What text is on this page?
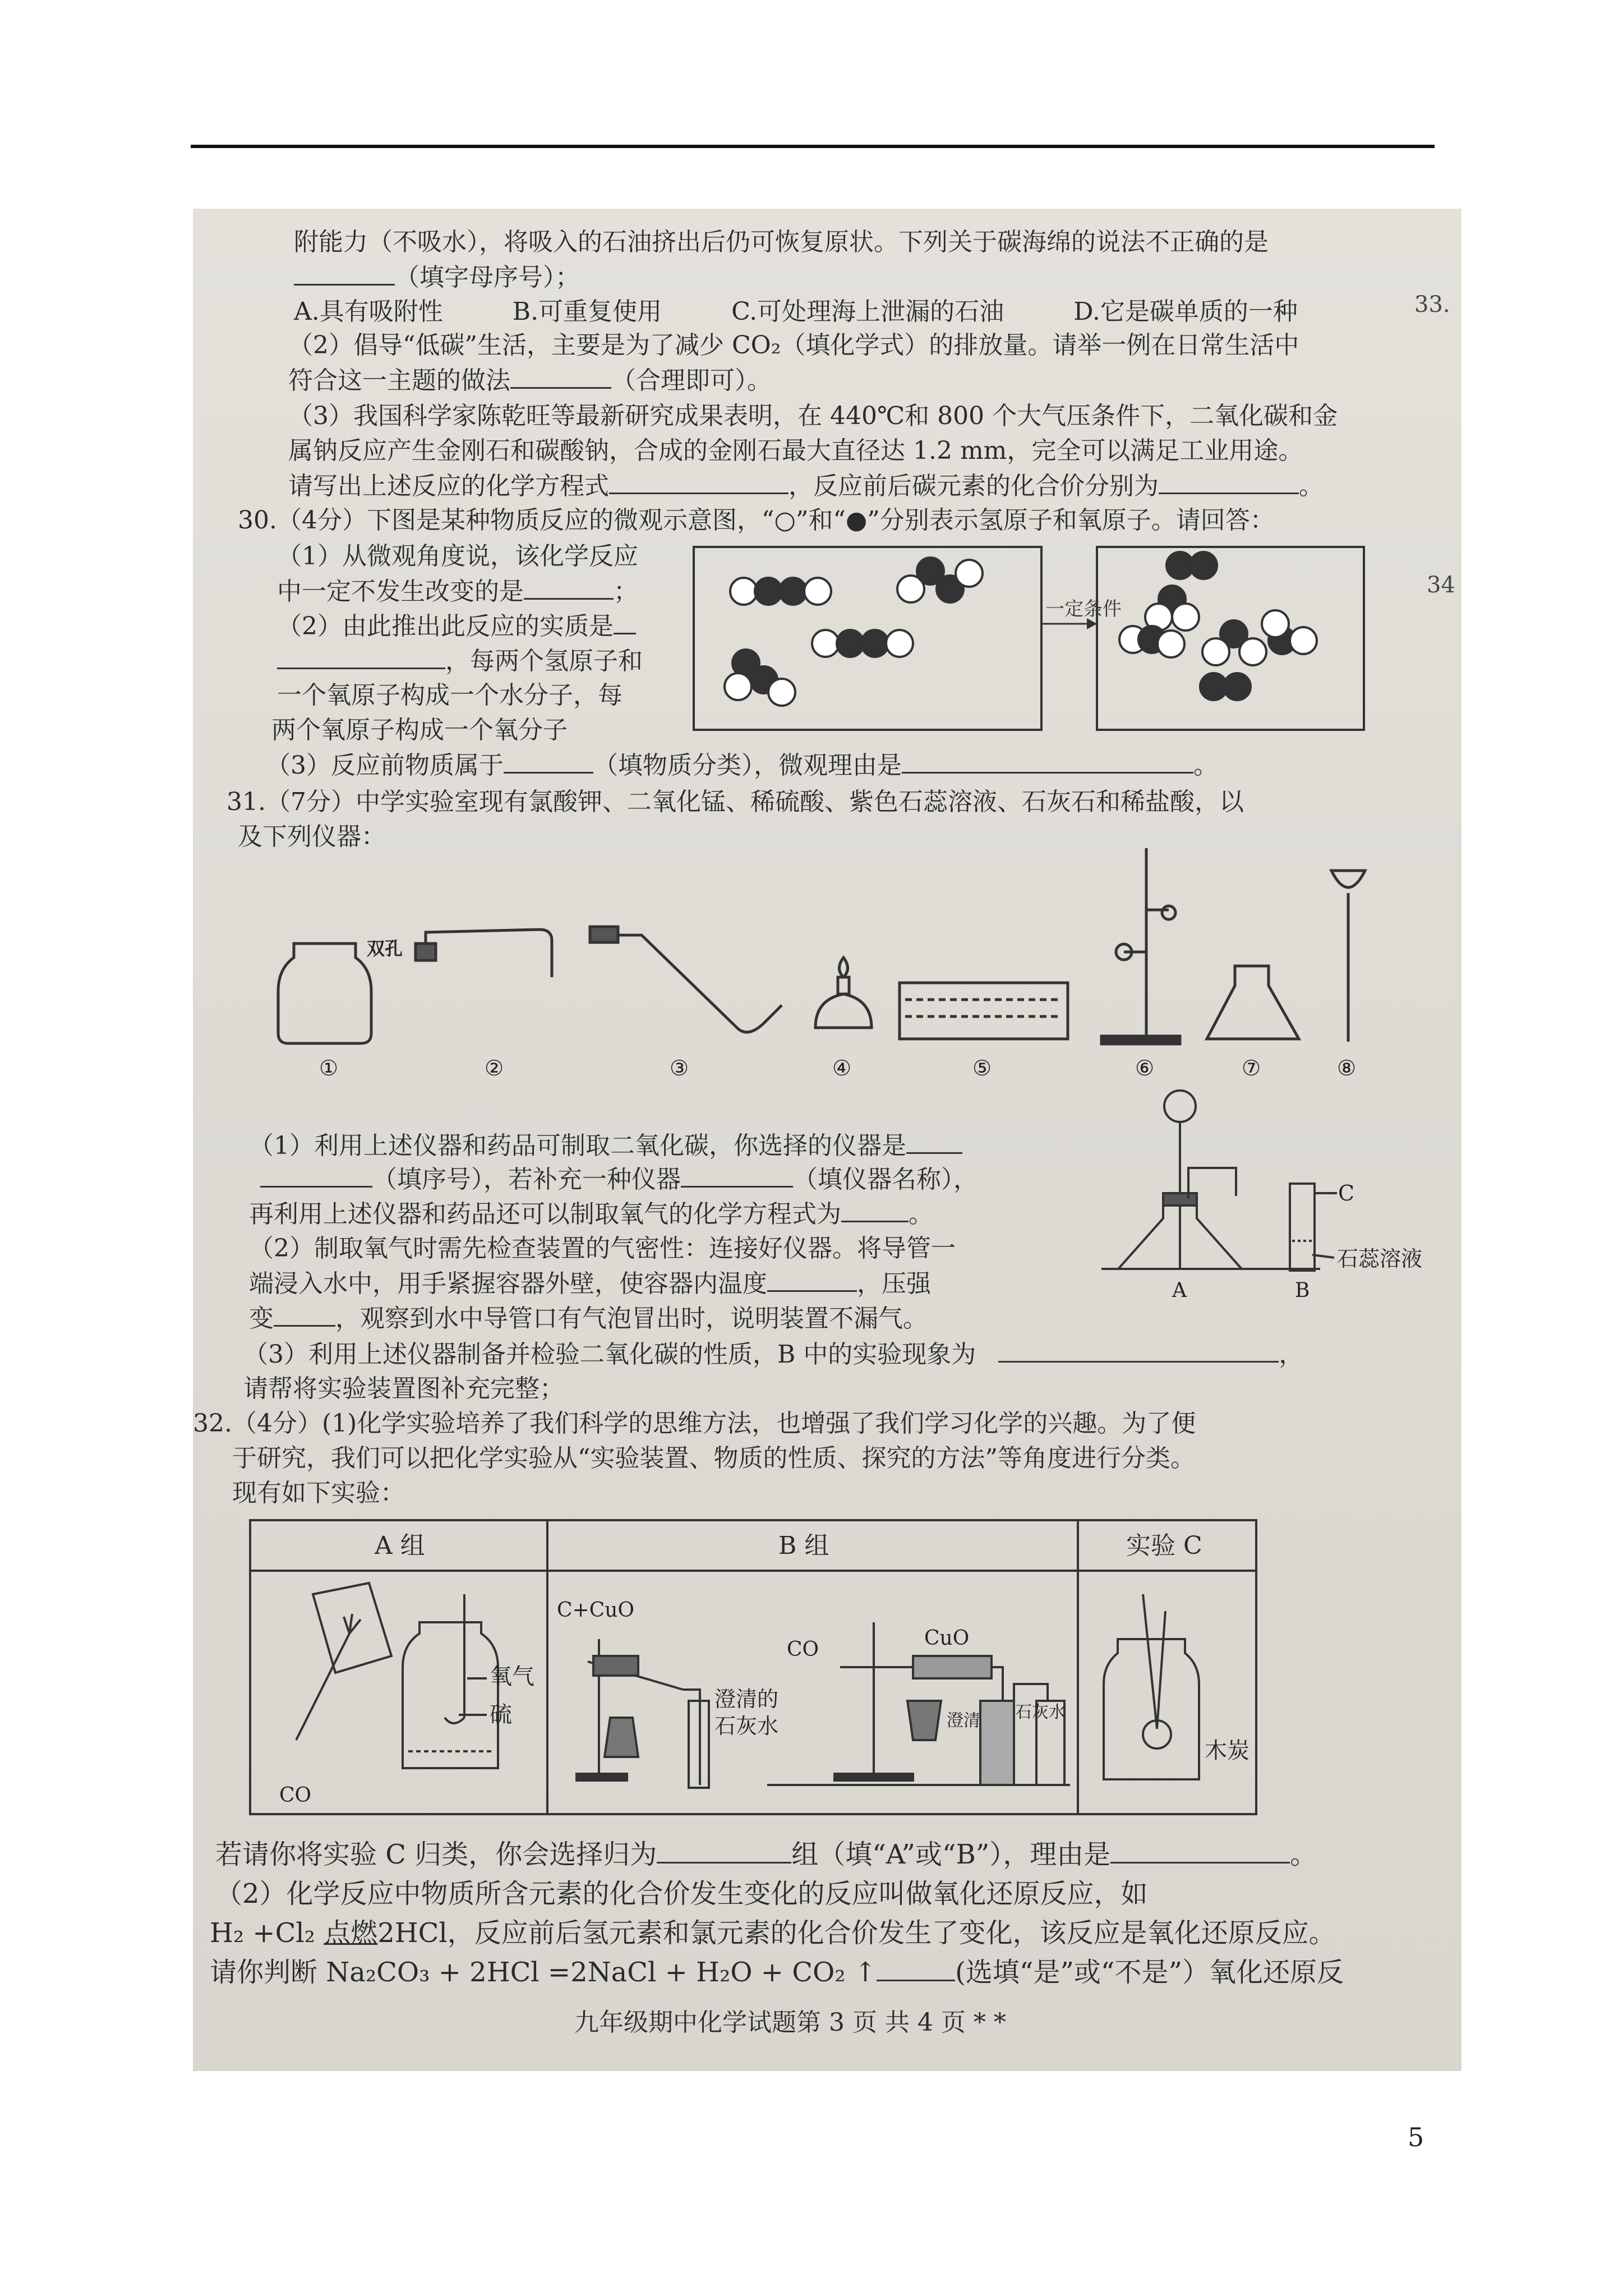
33.
34
附能力（不吸水），将吸入的石油挤出后仍可恢复原状。下列关于碳海绵的说法不正确的是
（填字母序号）；
A.具有吸附性	B.可重复使用	C.可处理海上泄漏的石油	D.它是碳单质的一种
（2）倡导“低碳”生活，主要是为了减少 CO₂（填化学式）的排放量。请举一例在日常生活中
符合这一主题的做法	（合理即可）。
（3）我国科学家陈乾旺等最新研究成果表明，在 440℃和 800 个大气压条件下，二氧化碳和金
属钠反应产生金刚石和碳酸钠，合成的金刚石最大直径达 1.2 mm，完全可以满足工业用途。
请写出上述反应的化学方程式	，反应前后碳元素的化合价分别为	。
30.（4分）下图是某种物质反应的微观示意图，“○”和“●”分别表示氢原子和氧原子。请回答：
（1）从微观角度说，该化学反应
中一定不发生改变的是	；
（2）由此推出此反应的实质是
，每两个氢原子和
一个氧原子构成一个水分子，每
两个氧原子构成一个氧分子
（3）反应前物质属于	（填物质分类），微观理由是	。
一定条件
31.（7分）中学实验室现有氯酸钾、二氧化锰、稀硫酸、紫色石蕊溶液、石灰石和稀盐酸，以
及下列仪器：
双孔
①	②	③	④	⑤	⑥	⑦	⑧
（1）利用上述仪器和药品可制取二氧化碳，你选择的仪器是
（填序号），若补充一种仪器	（填仪器名称），
再利用上述仪器和药品还可以制取氧气的化学方程式为	。
（2）制取氧气时需先检查装置的气密性：连接好仪器。将导管一
端浸入水中，用手紧握容器外壁，使容器内温度	，压强
变	，观察到水中导管口有气泡冒出时，说明装置不漏气。
（3）利用上述仪器制备并检验二氧化碳的性质，B 中的实验现象为	，
请帮将实验装置图补充完整；
C
石蕊溶液
A	B
32.（4分）(1)化学实验培养了我们科学的思维方法，也增强了我们学习化学的兴趣。为了便
于研究，我们可以把化学实验从“实验装置、物质的性质、探究的方法”等角度进行分类。
现有如下实验：
A 组	B 组	实验 C
CO
氧气
硫
C+CuO
澄清的
石灰水
CO	CuO
澄清 石灰水
木炭
若请你将实验 C 归类，你会选择归为	组（填“A”或“B”），理由是	。
（2）化学反应中物质所含元素的化合价发生变化的反应叫做氧化还原反应，如
H₂ +Cl₂ 点燃2HCl，反应前后氢元素和氯元素的化合价发生了变化，该反应是氧化还原反应。
请你判断 Na₂CO₃ + 2HCl =2NaCl + H₂O + CO₂ ↑	(选填“是”或“不是”）氧化还原反
九年级期中化学试题第 3 页 共 4 页 * *
5
